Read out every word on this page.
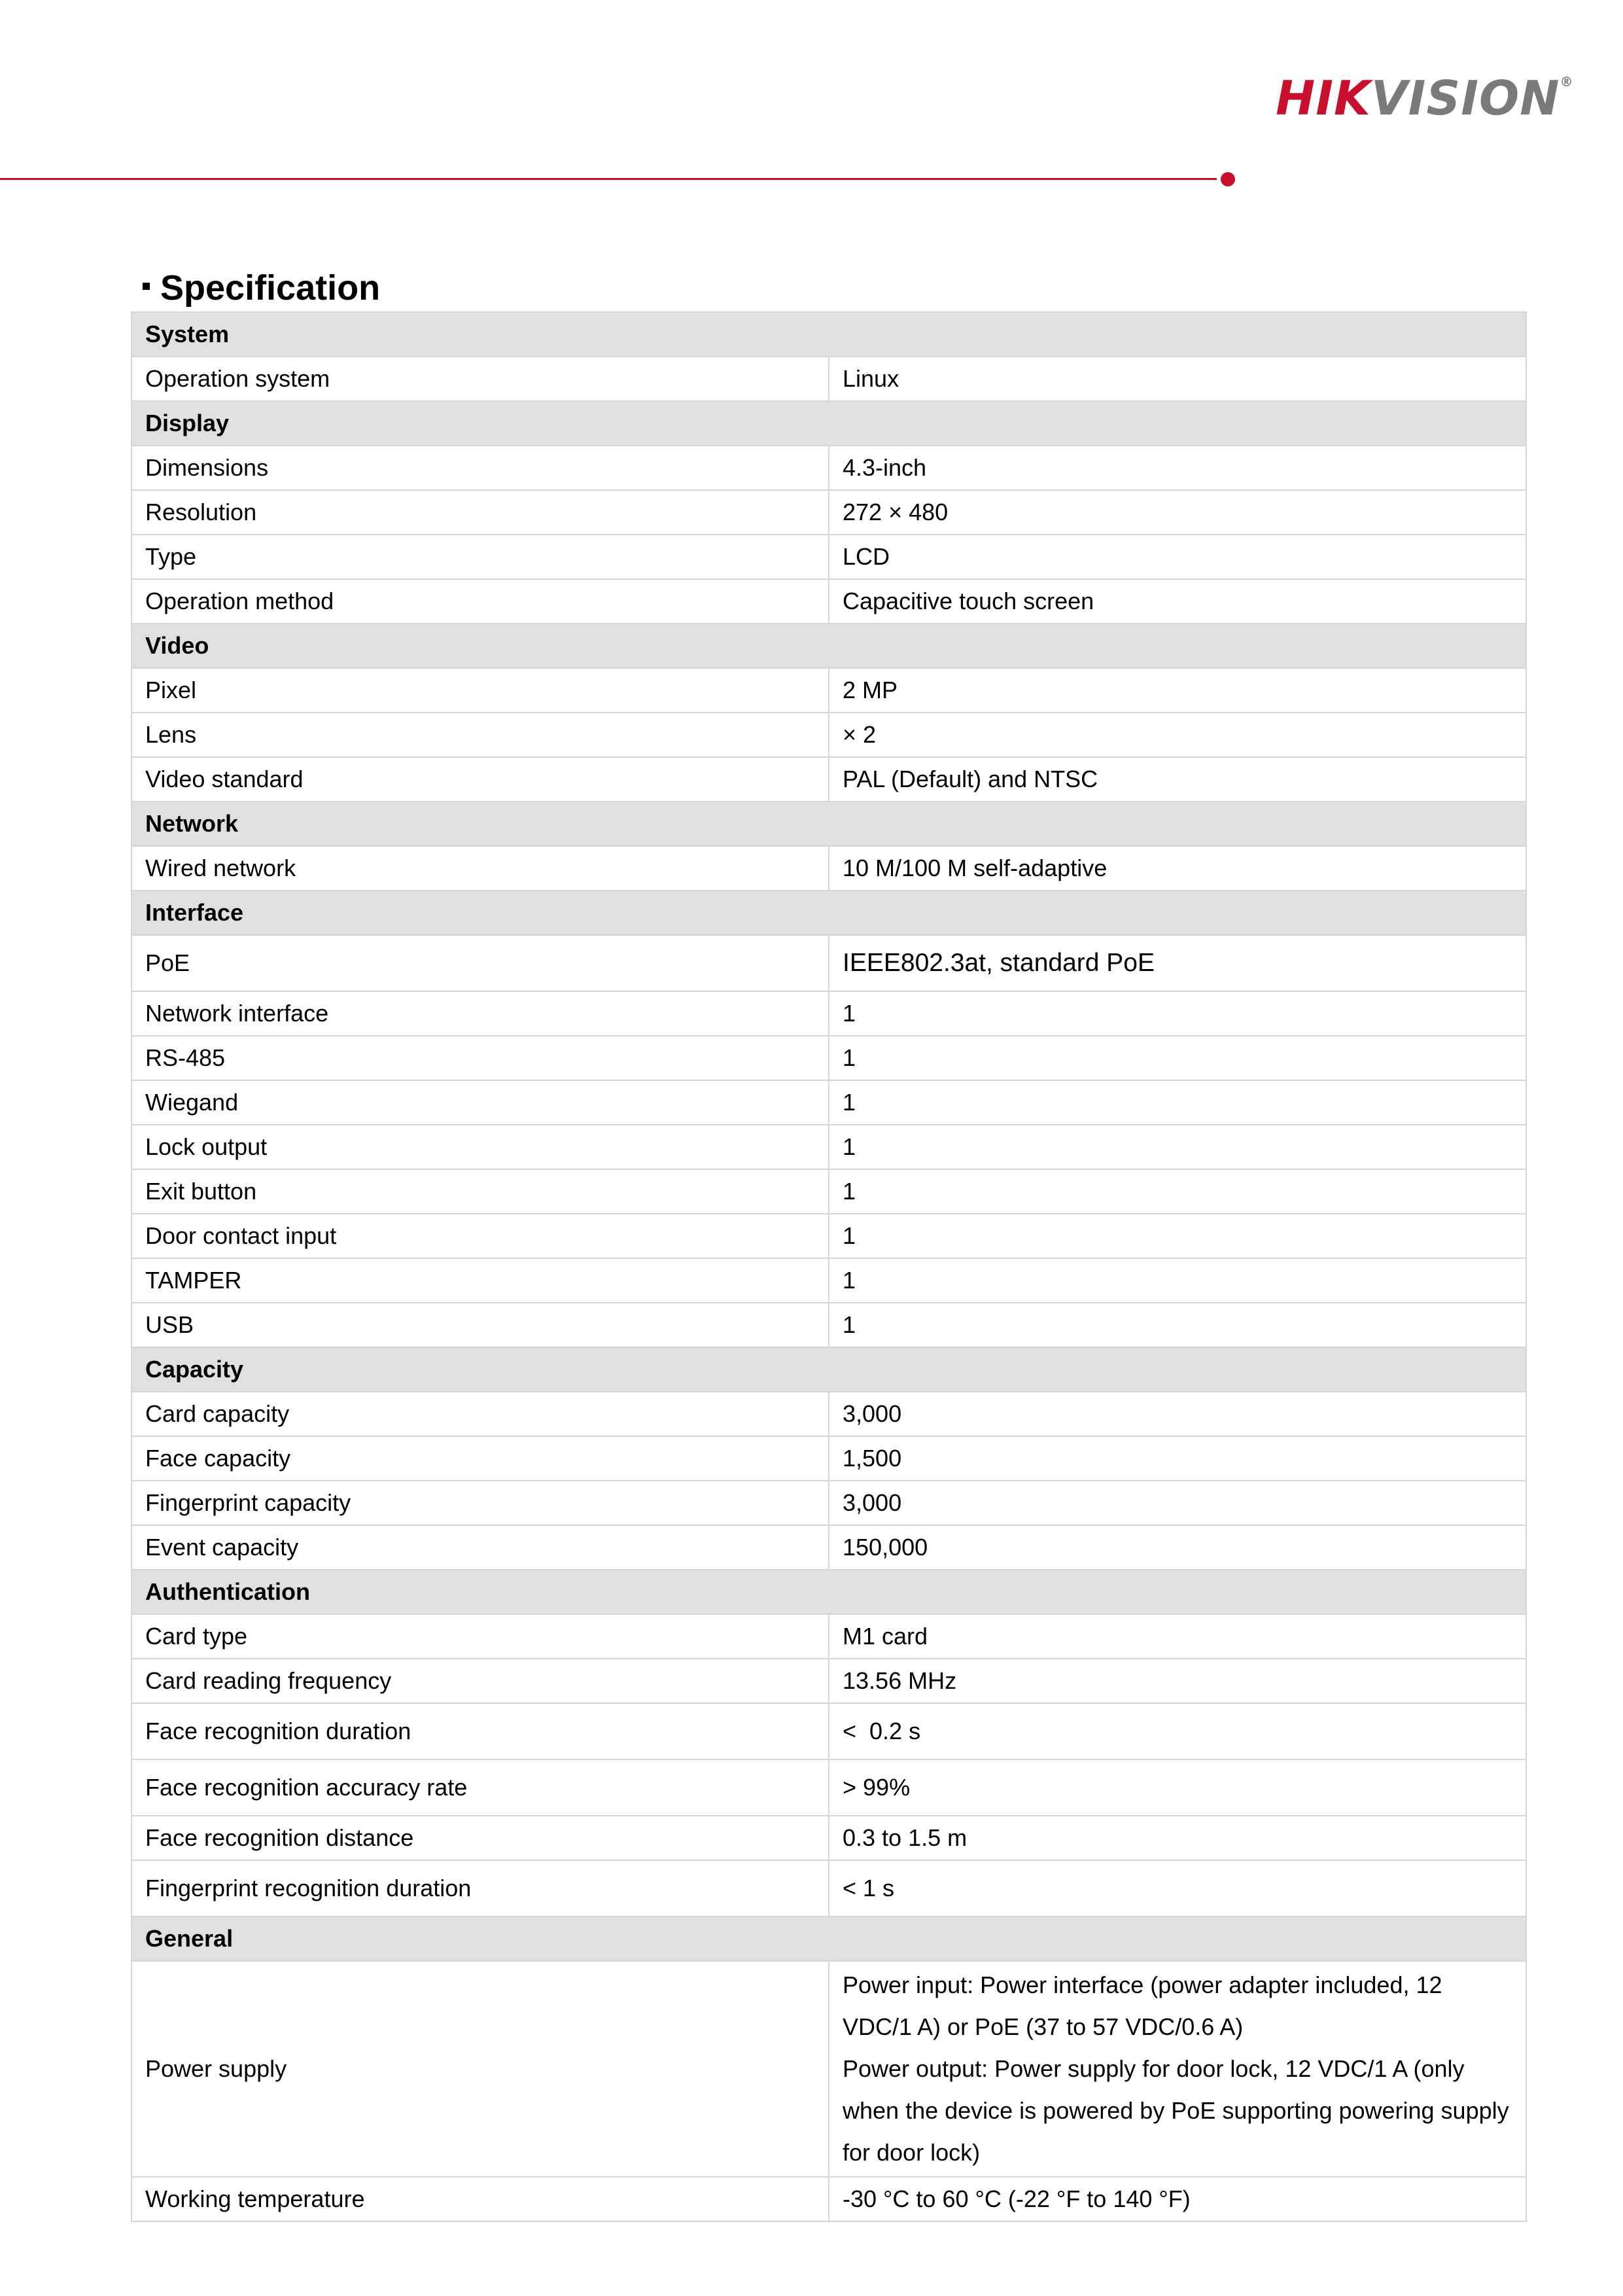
HIKVISION®
Specification
System	
Operation system	Linux
Display	
Dimensions	4.3-inch
Resolution	272 × 480
Type	LCD
Operation method	Capacitive touch screen
Video	
Pixel	2 MP
Lens	× 2
Video standard	PAL (Default) and NTSC
Network	
Wired network	10 M/100 M self-adaptive
Interface	
PoE	IEEE802.3at, standard PoE
Network interface	1
RS-485	1
Wiegand	1
Lock output	1
Exit button	1
Door contact input	1
TAMPER	1
USB	1
Capacity	
Card capacity	3,000
Face capacity	1,500
Fingerprint capacity	3,000
Event capacity	150,000
Authentication	
Card type	M1 card
Card reading frequency	13.56 MHz
Face recognition duration	<  0.2 s
Face recognition accuracy rate	> 99%
Face recognition distance	0.3 to 1.5 m
Fingerprint recognition duration	< 1 s
General	
Power supply	Power input: Power interface (power adapter included, 12 VDC/1 A) or PoE (37 to 57 VDC/0.6 A)
Power output: Power supply for door lock, 12 VDC/1 A (only when the device is powered by PoE supporting powering supply for door lock)

Working temperature	-30 °C to 60 °C (-22 °F to 140 °F)
